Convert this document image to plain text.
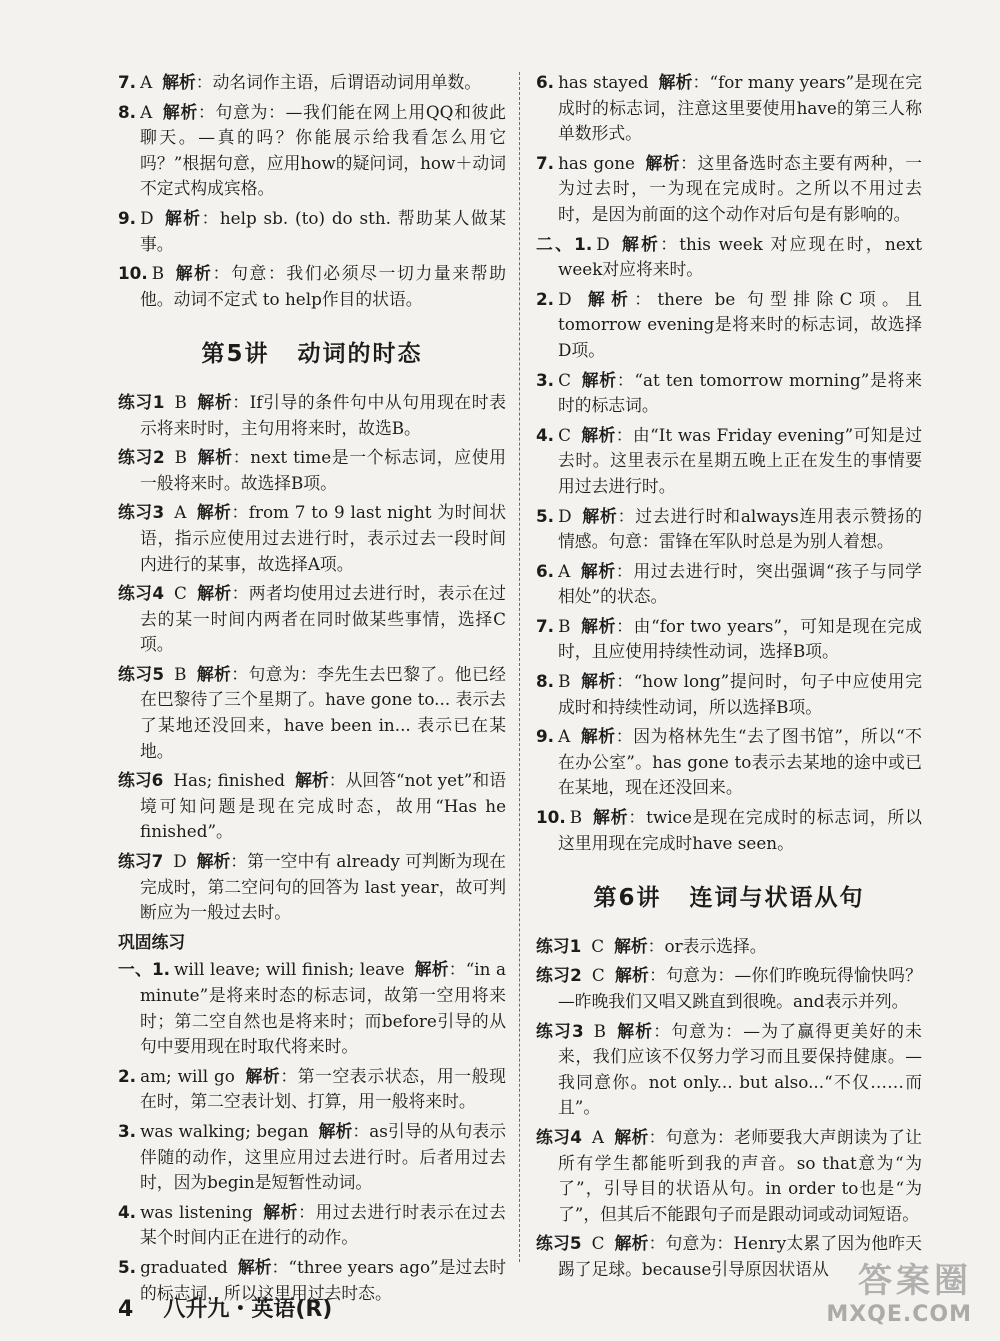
7. A 解析：动名词作主语，后谓语动词用单数。
8. A 解析：句意为：—我们能在网上用QQ和彼此聊天。—真的吗？你能展示给我看怎么用它吗？”根据句意，应用how的疑问词，how＋动词不定式构成宾格。
9. D 解析：help sb. (to) do sth. 帮助某人做某事。
10. B 解析：句意：我们必须尽一切力量来帮助他。动词不定式 to help作目的状语。
第5讲 动词的时态
练习1 B 解析：If引导的条件句中从句用现在时表示将来时时，主句用将来时，故选B。
练习2 B 解析：next time是一个标志词，应使用一般将来时。故选择B项。
练习3 A 解析：from 7 to 9 last night 为时间状语，指示应使用过去进行时，表示过去一段时间内进行的某事，故选择A项。
练习4 C 解析：两者均使用过去进行时，表示在过去的某一时间内两者在同时做某些事情，选择C项。
练习5 B 解析：句意为：李先生去巴黎了。他已经在巴黎待了三个星期了。have gone to... 表示去了某地还没回来，have been in... 表示已在某地。
练习6 Has; finished 解析：从回答“not yet”和语境可知问题是现在完成时态，故用“Has he finished”。
练习7 D 解析：第一空中有 already 可判断为现在完成时，第二空问句的回答为 last year，故可判断应为一般过去时。
巩固练习
一、1. will leave; will finish; leave 解析：“in a minute”是将来时态的标志词，故第一空用将来时；第二空自然也是将来时；而before引导的从句中要用现在时取代将来时。
2. am; will go 解析：第一空表示状态，用一般现在时，第二空表计划、打算，用一般将来时。
3. was walking; began 解析：as引导的从句表示伴随的动作，这里应用过去进行时。后者用过去时，因为begin是短暂性动词。
4. was listening 解析：用过去进行时表示在过去某个时间内正在进行的动作。
5. graduated 解析：“three years ago”是过去时的标志词，所以这里用过去时态。
6. has stayed 解析：“for many years”是现在完成时的标志词，注意这里要使用have的第三人称单数形式。
7. has gone 解析：这里备选时态主要有两种，一为过去时，一为现在完成时。之所以不用过去时，是因为前面的这个动作对后句是有影响的。
二、1. D 解析：this week 对应现在时，next week对应将来时。
2. D 解析：there be 句型排除C项。且tomorrow evening是将来时的标志词，故选择D项。
3. C 解析：“at ten tomorrow morning”是将来时的标志词。
4. C 解析：由“It was Friday evening”可知是过去时。这里表示在星期五晚上正在发生的事情要用过去进行时。
5. D 解析：过去进行时和always连用表示赞扬的情感。句意：雷锋在军队时总是为别人着想。
6. A 解析：用过去进行时，突出强调“孩子与同学相处”的状态。
7. B 解析：由“for two years”，可知是现在完成时，且应使用持续性动词，选择B项。
8. B 解析：“how long”提问时，句子中应使用完成时和持续性动词，所以选择B项。
9. A 解析：因为格林先生“去了图书馆”，所以“不在办公室”。has gone to表示去某地的途中或已在某地，现在还没回来。
10. B 解析：twice是现在完成时的标志词，所以这里用现在完成时have seen。
第6讲 连词与状语从句
练习1 C 解析：or表示选择。
练习2 C 解析：句意为：—你们昨晚玩得愉快吗？—昨晚我们又唱又跳直到很晚。and表示并列。
练习3 B 解析：句意为：—为了赢得更美好的未来，我们应该不仅努力学习而且要保持健康。—我同意你。not only... but also...“不仅……而且”。
练习4 A 解析：句意为：老师要我大声朗读为了让所有学生都能听到我的声音。so that意为“为了”，引导目的状语从句。in order to也是“为了”，但其后不能跟句子而是跟动词或动词短语。
练习5 C 解析：句意为：Henry太累了因为他昨天踢了足球。because引导原因状语从
4 八升九・英语(R)
答案圈
MXQE.COM
